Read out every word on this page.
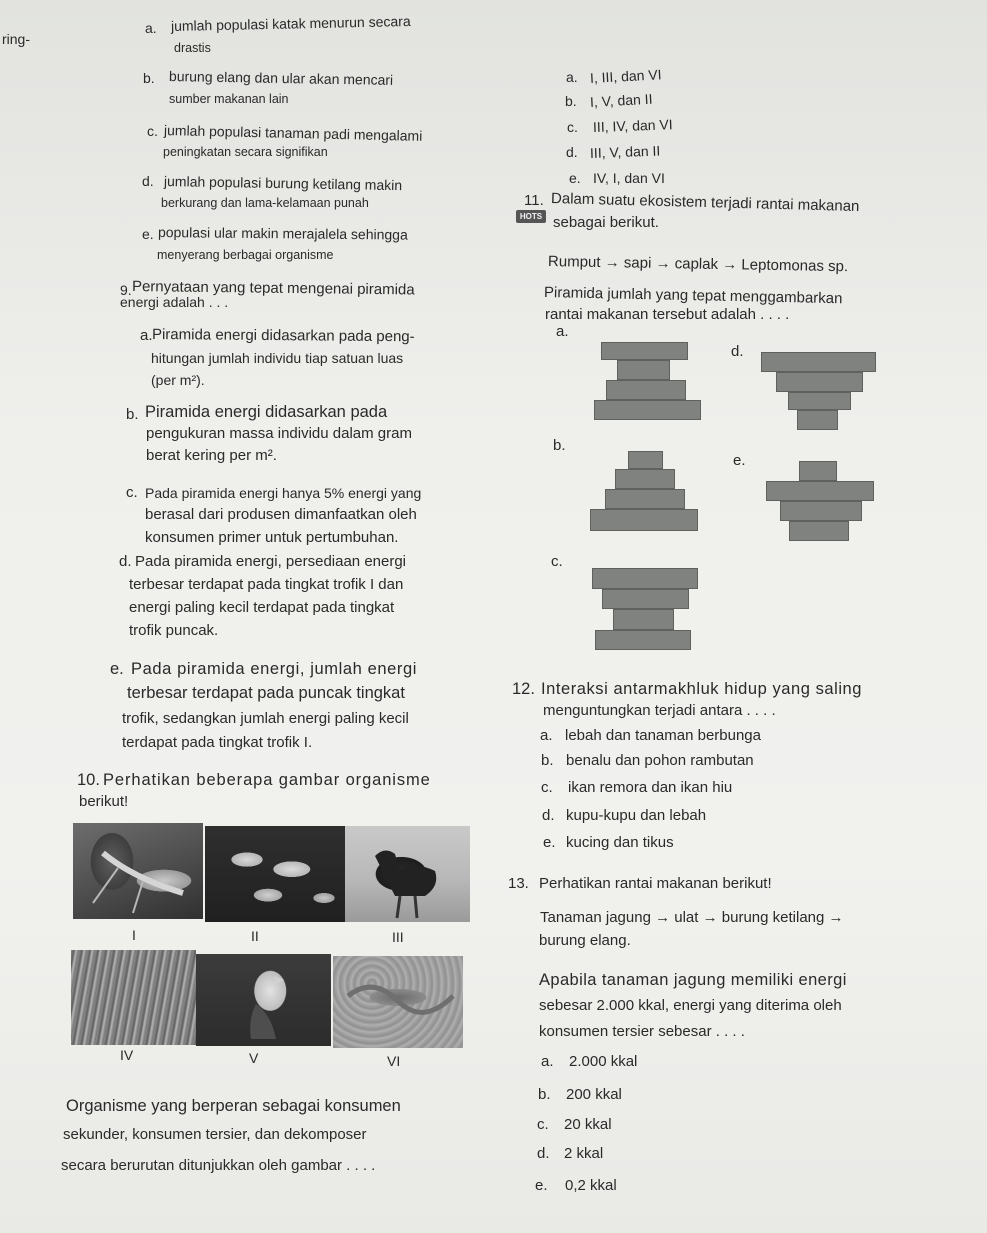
ring-
a. jumlah populasi katak menurun secara
drastis
b. burung elang dan ular akan mencari
sumber makanan lain
c. jumlah populasi tanaman padi mengalami
peningkatan secara signifikan
d. jumlah populasi burung ketilang makin
berkurang dan lama-kelamaan punah
e. populasi ular makin merajalela sehingga
menyerang berbagai organisme
9. Pernyataan yang tepat mengenai piramida
energi adalah . . .
a. Piramida energi didasarkan pada peng-
hitungan jumlah individu tiap satuan luas
(per m²).
b. Piramida energi didasarkan pada
pengukuran massa individu dalam gram
berat kering per m².
c. Pada piramida energi hanya 5% energi yang
berasal dari produsen dimanfaatkan oleh
konsumen primer untuk pertumbuhan.
d. Pada piramida energi, persediaan energi
terbesar terdapat pada tingkat trofik I dan
energi paling kecil terdapat pada tingkat
trofik puncak.
e. Pada piramida energi, jumlah energi
terbesar terdapat pada puncak tingkat
trofik, sedangkan jumlah energi paling kecil
terdapat pada tingkat trofik I.
10. Perhatikan beberapa gambar organisme
berikut!
I	II	III
IV	V	VI
Organisme yang berperan sebagai konsumen
sekunder, konsumen tersier, dan dekomposer
secara berurutan ditunjukkan oleh gambar . . . .
a. I, III, dan VI
b. I, V, dan II
c. III, IV, dan VI
d. III, V, dan II
e. IV, I, dan VI
11. Dalam suatu ekosistem terjadi rantai makanan
HOTS sebagai berikut.
Rumput → sapi → caplak → Leptomonas sp.
Piramida jumlah yang tepat menggambarkan
rantai makanan tersebut adalah . . . .
a.
d.
b.
e.
c.
12. Interaksi antarmakhluk hidup yang saling
menguntungkan terjadi antara . . . .
a. lebah dan tanaman berbunga
b. benalu dan pohon rambutan
c. ikan remora dan ikan hiu
d. kupu-kupu dan lebah
e. kucing dan tikus
13. Perhatikan rantai makanan berikut!
Tanaman jagung → ulat → burung ketilang →
burung elang.
Apabila tanaman jagung memiliki energi
sebesar 2.000 kkal, energi yang diterima oleh
konsumen tersier sebesar . . . .
a. 2.000 kkal
b. 200 kkal
c. 20 kkal
d. 2 kkal
e. 0,2 kkal
